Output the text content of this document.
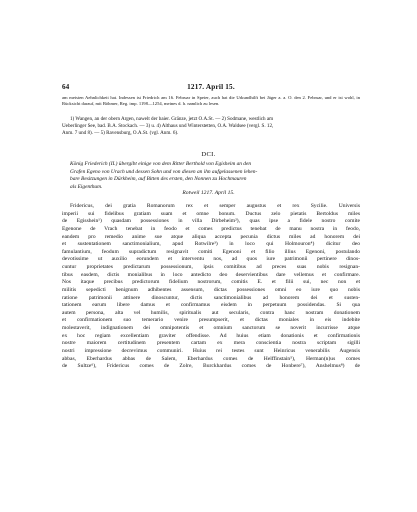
64	1217. April 15.

am meisten Aehnlichkeit hat. Indessen ist Friedrich am 16. Februar in Speier, auch hat die Urkundhilft bei Jäger a. a. O. den 2. Februar, und er ist wohl, in Rücksicht darauf, mit Böhmer, Reg. imp. 1198—1254, meines d. h. namlich zu lesen.

1) Wangen, an der obern Argen, nawelt der baier. Gränze, jetzt O.A.St. — 2) Sodmane, westlich am

Ueberlinger See, bad. B.A. Stockach. — 3) u. 4) Althaus und Winterstetten, O.A. Waldsee (vergl. S. 12,

Anm. 7 und 8). — 5) Ravensburg, O.A.St. (vgl. Anm. 6).

DCI.

König Friederich (II.) übergibt einige von dem Ritter Berthold von Egisheim an den

Grafen Egeno von Urach und dessen Sohn und von diesen an ihn aufgelassenen lehen-

bare Besitzungen in Dürkheim, auf Bitten des ersten, den Nonnen zu Hochmauren

als Eigenthum.

Rotweil 1217. April 15.
Fridericus, dei gratia Romanorum rex et semper augustus et rex Sycilie. Universis
imperii sui fidelibus gratiam suam et omne bonum. Ductus zelo pietatis Bertoldus miles
de Egisshein¹) quasdam possessiones in villa Dirbeheim²), quas ipse a fidele nostro comite
Egenone de Vrach tenebat in feodo et comes predictus tenebat de manu nostra in feodo,
eandem pro remedio anime sue atque aliqua accepta pecunia dictus miles ad honorem dei
et sustentationem sanctimonialium, apud Rotwilre³) in loco qui Holmouron⁴) dicitur deo
famulantium, feodum supradictum resignavit comiti Egenoni et filio illius Egenoni, postulando
devotissime ut auxilio eorundem et interventu nos, ad quos iure patrimonii pertinere dinos-
cuntur proprietates predictarum possessionum, ipsis comitibus ad preces suas nobis resignan-
tibus easdem, dictis monialibus in loco antedicto deo deservientibus dare vellemus et confirmare.
Nos itaque precibus predictorum fidelium nostrorum, comitis E. et filii sui, nec non et
militis sepedicti benignum adhibentes assensum, dictas possessiones omni eo iure quo nobis
ratione patrimonii attinere dinoscuntur, dictis sanctimonialibus ad honorem dei et susten-
tationem earum libere damus et confirmamus eisdem in perpetuum possidendas. Si qua
autem persona, alta vel humilis, spiritualis aut secularis, contra hanc nostram donationem
et confirmationem suo temerario venire presumpserit, et dictas moniales in eis indebite
molestaverit, indignationem dei omnipotentis et omnium sanctorum se noverit incurrisse atque
ex hoc regiam excellentiam graviter offendisse. Ad huius etiam donationis et confirmationis
nostre maiorem certitudinem presentem cartam ex mera conscientia nostra scriptam sigilli
nostri impressione decrevimus communiri. Huius rei testes sunt Heinricus venerabilis Augensis
abbas, Eberhardus abbas de Salem, Eberhardus comes de Helffinstain⁵), Herman(n)us comes
de Sultze⁶), Fridericus comes de Zolre, Burckhardus comes de Honbere⁷), Anshelmus⁸) de
